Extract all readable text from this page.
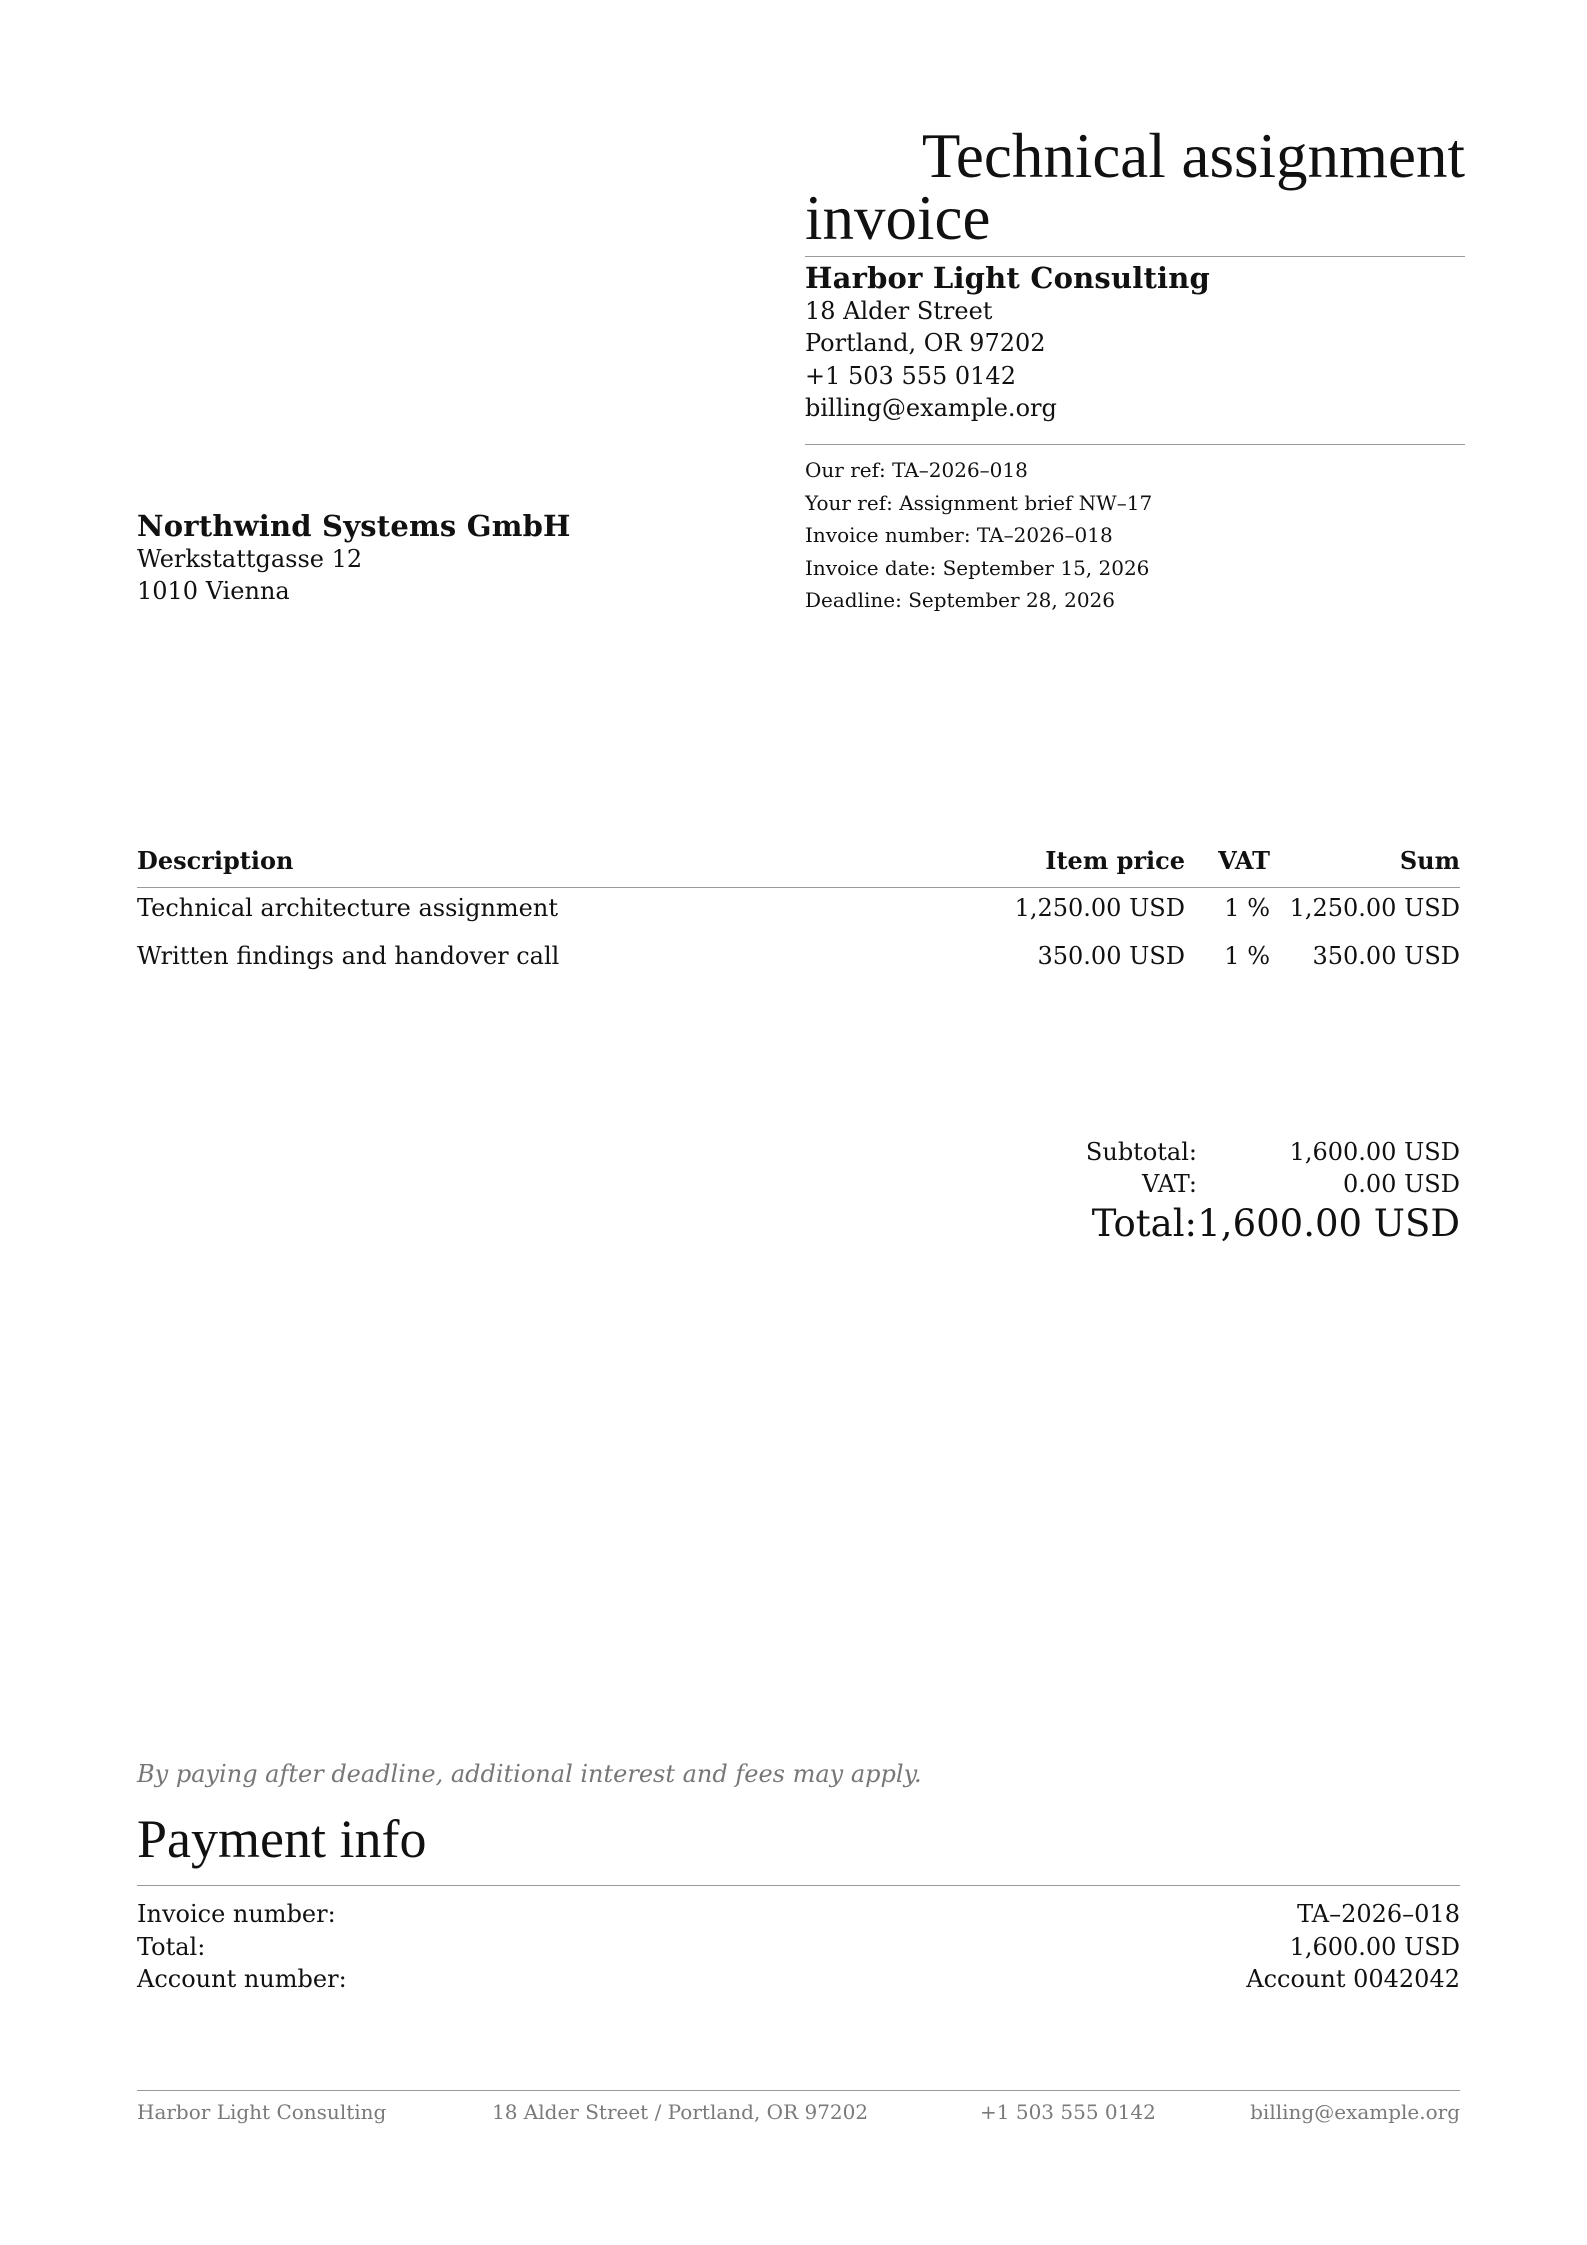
Technical assignment
invoice
Harbor Light Consulting
18 Alder Street
Portland, OR 97202
+1 503 555 0142
billing@example.org
Our ref: TA–2026–018
Your ref: Assignment brief NW–17
Invoice number: TA–2026–018
Invoice date: September 15, 2026
Deadline: September 28, 2026
Northwind Systems GmbH
Werkstattgasse 12
1010 Vienna
Description	Item price VAT	Sum
Technical architecture assignment	1,250.00 USD 1 % 1,250.00 USD
Written findings and handover call	350.00 USD 1 % 350.00 USD
Subtotal:	1,600.00 USD
VAT:	0.00 USD
Total: 1,600.00 USD
By paying after deadline, additional interest and fees may apply.
Payment info
Invoice number:	TA–2026–018
Total:	1,600.00 USD
Account number:	Account 0042042
Harbor Light Consulting	18 Alder Street / Portland, OR 97202	+1 503 555 0142	billing@example.org
